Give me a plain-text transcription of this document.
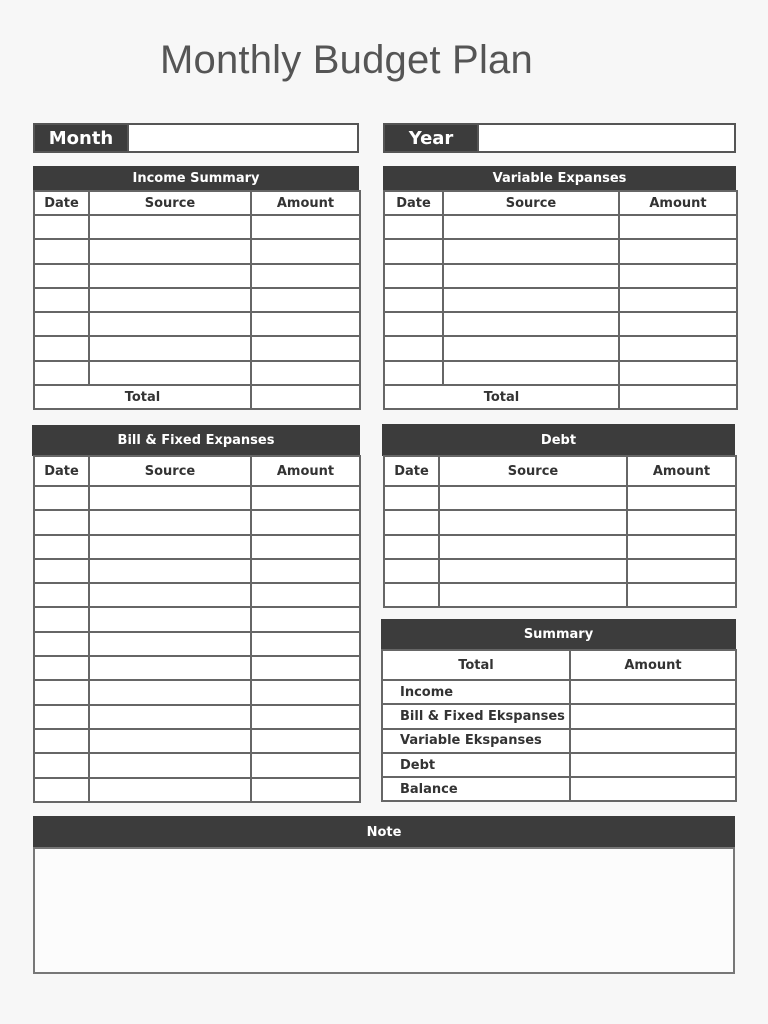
Monthly Budget Plan
Month	Year
Income Summary
Date	Source	Amount

Total		
Variable Expanses
Date	Source	Amount

Total		
Bill & Fixed Expanses
Date	Source	Amount

Debt
Date	Source	Amount

Summary
Total	Amount
Income	
Bill & Fixed Ekspanses	
Variable Ekspanses	
Debt	
Balance	
Note
